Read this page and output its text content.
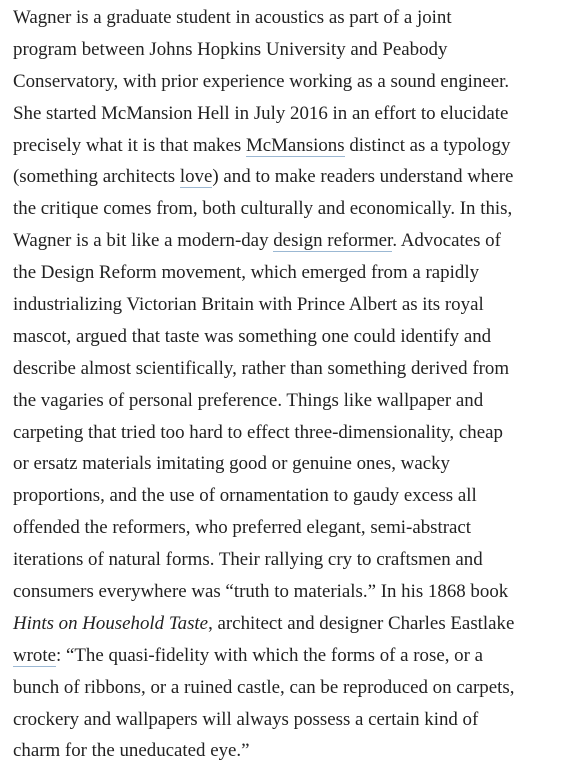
Wagner is a graduate student in acoustics as part of a joint
program between Johns Hopkins University and Peabody
Conservatory, with prior experience working as a sound engineer.
She started McMansion Hell in July 2016 in an effort to elucidate
precisely what it is that makes McMansions distinct as a typology
(something architects love) and to make readers understand where
the critique comes from, both culturally and economically. In this,
Wagner is a bit like a modern-day design reformer. Advocates of
the Design Reform movement, which emerged from a rapidly
industrializing Victorian Britain with Prince Albert as its royal
mascot, argued that taste was something one could identify and
describe almost scientifically, rather than something derived from
the vagaries of personal preference. Things like wallpaper and
carpeting that tried too hard to effect three-dimensionality, cheap
or ersatz materials imitating good or genuine ones, wacky
proportions, and the use of ornamentation to gaudy excess all
offended the reformers, who preferred elegant, semi-abstract
iterations of natural forms. Their rallying cry to craftsmen and
consumers everywhere was “truth to materials.” In his 1868 book
Hints on Household Taste, architect and designer Charles Eastlake
wrote: “The quasi-fidelity with which the forms of a rose, or a
bunch of ribbons, or a ruined castle, can be reproduced on carpets,
crockery and wallpapers will always possess a certain kind of
charm for the uneducated eye.”
